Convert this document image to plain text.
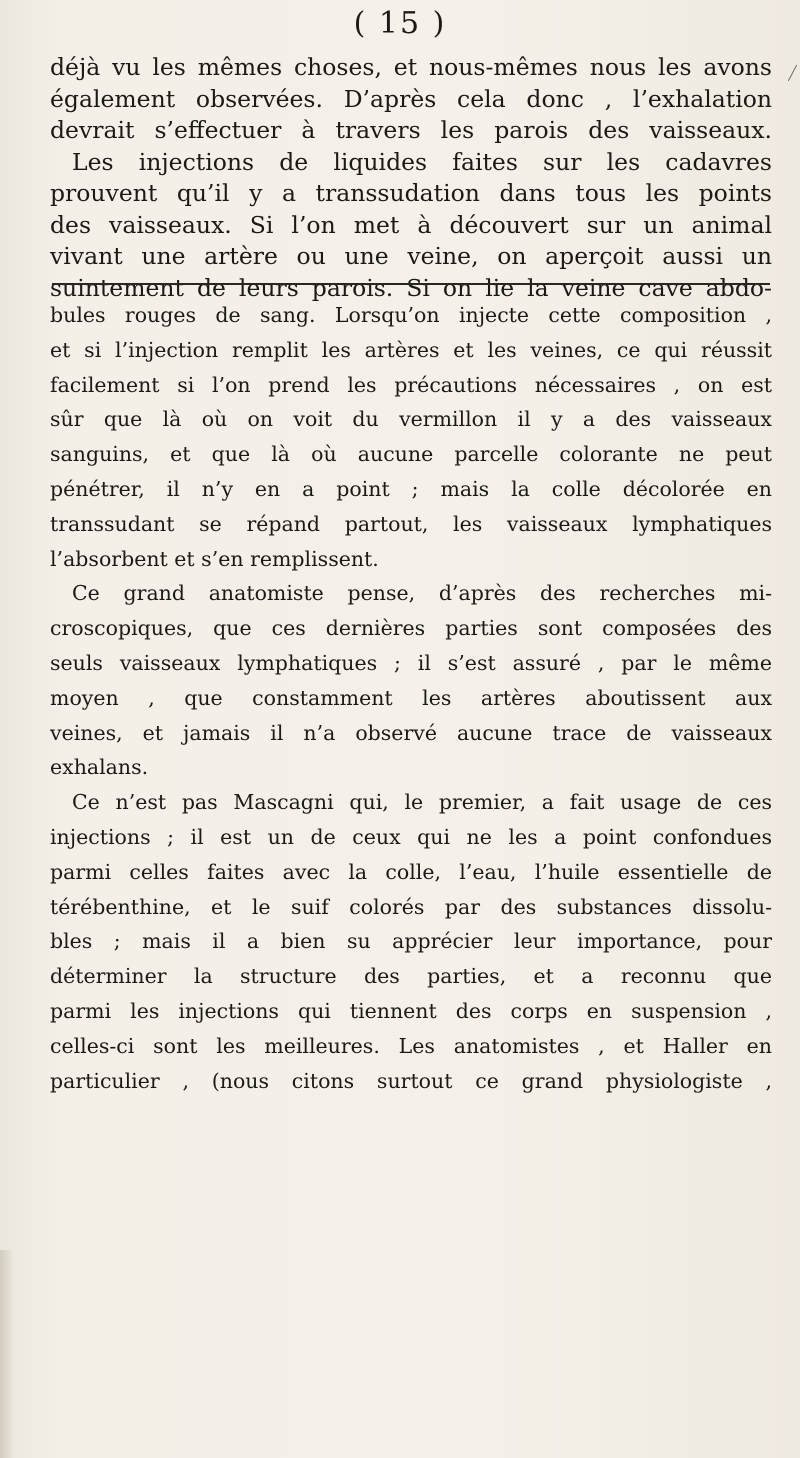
( 15 )
déjà vu les mêmes choses, et nous-mêmes nous les avons
également observées. D’après cela donc , l’exhalation
devrait s’effectuer à travers les parois des vaisseaux.
Les injections de liquides faites sur les cadavres
prouvent qu’il y a transsudation dans tous les points
des vaisseaux. Si l’on met à découvert sur un animal
vivant une artère ou une veine, on aperçoit aussi un
suintement de leurs parois. Si on lie la veine cave abdo-
bules rouges de sang. Lorsqu’on injecte cette composition ,
et si l’injection remplit les artères et les veines, ce qui réussit
facilement si l’on prend les précautions nécessaires , on est
sûr que là où on voit du vermillon il y a des vaisseaux
sanguins, et que là où aucune parcelle colorante ne peut
pénétrer, il n’y en a point ; mais la colle décolorée en
transsudant se répand partout, les vaisseaux lymphatiques
l’absorbent et s’en remplissent.
Ce grand anatomiste pense, d’après des recherches mi-
croscopiques, que ces dernières parties sont composées des
seuls vaisseaux lymphatiques ; il s’est assuré , par le même
moyen , que constamment les artères aboutissent aux
veines, et jamais il n’a observé aucune trace de vaisseaux
exhalans.
Ce n’est pas Mascagni qui, le premier, a fait usage de ces
injections ; il est un de ceux qui ne les a point confondues
parmi celles faites avec la colle, l’eau, l’huile essentielle de
térébenthine, et le suif colorés par des substances dissolu-
bles ; mais il a bien su apprécier leur importance, pour
déterminer la structure des parties, et a reconnu que
parmi les injections qui tiennent des corps en suspension ,
celles-ci sont les meilleures. Les anatomistes , et Haller en
particulier , (nous citons surtout ce grand physiologiste ,
